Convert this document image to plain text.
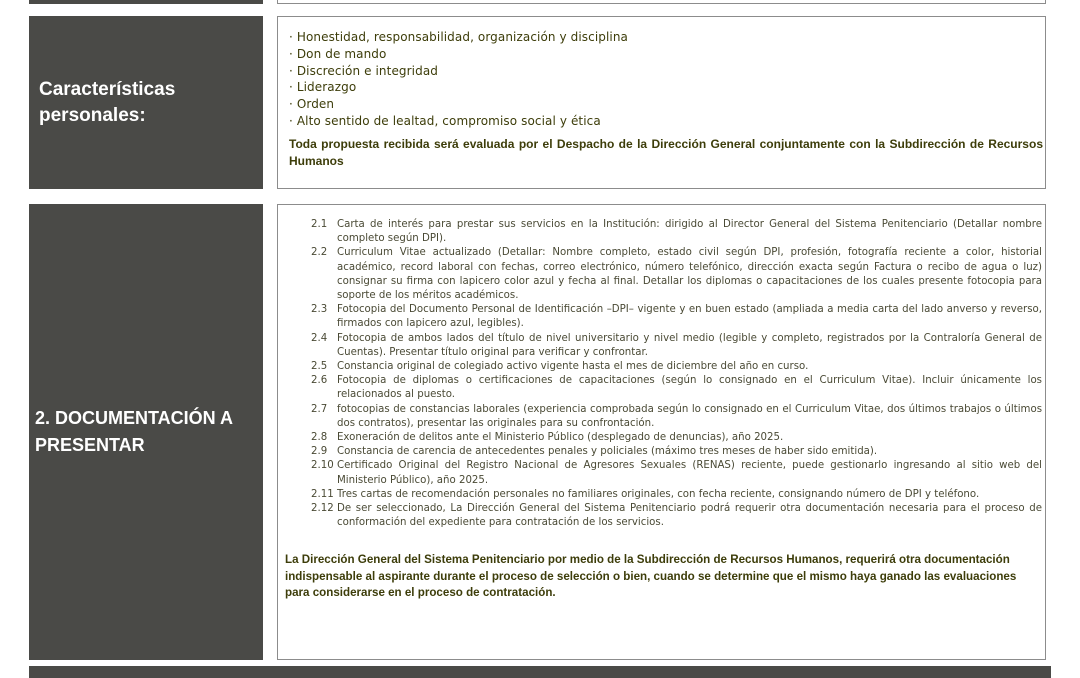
Características personales:
· Honestidad, responsabilidad, organización y disciplina
· Don de mando
· Discreción e integridad
· Liderazgo
· Orden
· Alto sentido de lealtad, compromiso social y ética
Toda propuesta recibida será evaluada por el Despacho de la Dirección General conjuntamente con la Subdirección de Recursos Humanos
2. DOCUMENTACIÓN A PRESENTAR
2.1 Carta de interés para prestar sus servicios en la Institución: dirigido al Director General del Sistema Penitenciario (Detallar nombre completo según DPI).
2.2 Curriculum Vitae actualizado (Detallar: Nombre completo, estado civil según DPI, profesión, fotografía reciente a color, historial académico, record laboral con fechas, correo electrónico, número telefónico, dirección exacta según Factura o recibo de agua o luz) consignar su firma con lapicero color azul y fecha al final. Detallar los diplomas o capacitaciones de los cuales presente fotocopia para soporte de los méritos académicos.
2.3 Fotocopia del Documento Personal de Identificación –DPI– vigente y en buen estado (ampliada a media carta del lado anverso y reverso, firmados con lapicero azul, legibles).
2.4 Fotocopia de ambos lados del título de nivel universitario y nivel medio (legible y completo, registrados por la Contraloría General de Cuentas). Presentar título original para verificar y confrontar.
2.5 Constancia original de colegiado activo vigente hasta el mes de diciembre del año en curso.
2.6 Fotocopia de diplomas o certificaciones de capacitaciones (según lo consignado en el Curriculum Vitae). Incluir únicamente los relacionados al puesto.
2.7 fotocopias de constancias laborales (experiencia comprobada según lo consignado en el Curriculum Vitae, dos últimos trabajos o últimos dos contratos), presentar las originales para su confrontación.
2.8 Exoneración de delitos ante el Ministerio Público (desplegado de denuncias), año 2025.
2.9 Constancia de carencia de antecedentes penales y policiales (máximo tres meses de haber sido emitida).
2.10 Certificado Original del Registro Nacional de Agresores Sexuales (RENAS) reciente, puede gestionarlo ingresando al sitio web del Ministerio Público), año 2025.
2.11 Tres cartas de recomendación personales no familiares originales, con fecha reciente, consignando número de DPI y teléfono.
2.12 De ser seleccionado, La Dirección General del Sistema Penitenciario podrá requerir otra documentación necesaria para el proceso de conformación del expediente para contratación de los servicios.
La Dirección General del Sistema Penitenciario por medio de la Subdirección de Recursos Humanos, requerirá otra documentación indispensable al aspirante durante el proceso de selección o bien, cuando se determine que el mismo haya ganado las evaluaciones para considerarse en el proceso de contratación.
